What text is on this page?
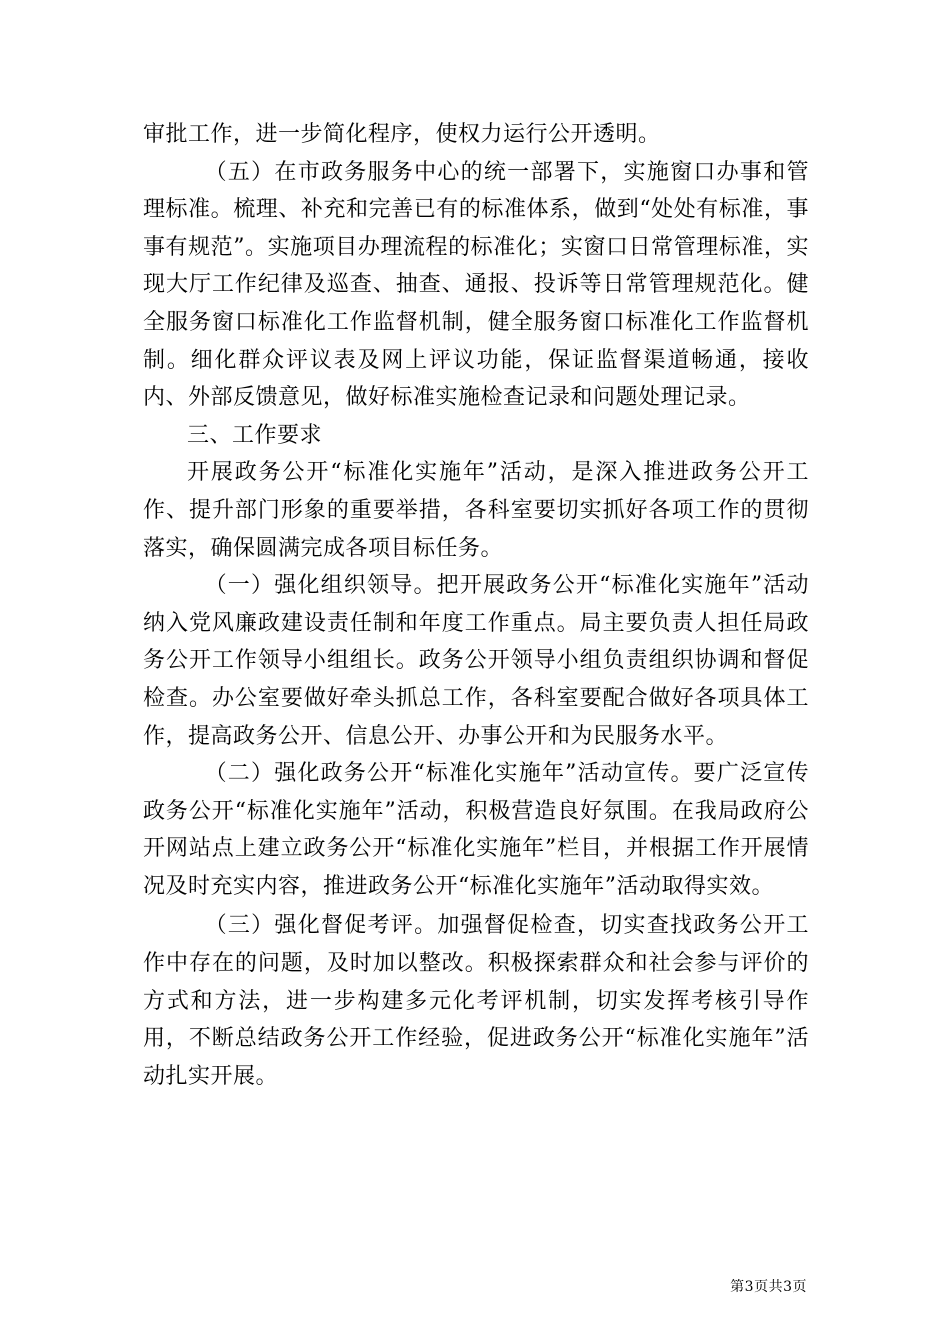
审批工作，进一步简化程序，使权力运行公开透明。

（五）在市政务服务中心的统一部署下，实施窗口办事和管理标准。梳理、补充和完善已有的标准体系，做到“处处有标准，事事有规范”。实施项目办理流程的标准化；实窗口日常管理标准，实现大厅工作纪律及巡查、抽查、通报、投诉等日常管理规范化。健全服务窗口标准化工作监督机制，健全服务窗口标准化工作监督机制。细化群众评议表及网上评议功能，保证监督渠道畅通，接收内、外部反馈意见，做好标准实施检查记录和问题处理记录。

三、工作要求

开展政务公开“标准化实施年”活动，是深入推进政务公开工作、提升部门形象的重要举措，各科室要切实抓好各项工作的贯彻落实，确保圆满完成各项目标任务。

（一）强化组织领导。把开展政务公开“标准化实施年”活动纳入党风廉政建设责任制和年度工作重点。局主要负责人担任局政务公开工作领导小组组长。政务公开领导小组负责组织协调和督促检查。办公室要做好牵头抓总工作，各科室要配合做好各项具体工作，提高政务公开、信息公开、办事公开和为民服务水平。

（二）强化政务公开“标准化实施年”活动宣传。要广泛宣传政务公开“标准化实施年”活动，积极营造良好氛围。在我局政府公开网站点上建立政务公开“标准化实施年”栏目，并根据工作开展情况及时充实内容，推进政务公开“标准化实施年”活动取得实效。

（三）强化督促考评。加强督促检查，切实查找政务公开工作中存在的问题，及时加以整改。积极探索群众和社会参与评价的方式和方法，进一步构建多元化考评机制，切实发挥考核引导作用，不断总结政务公开工作经验，促进政务公开“标准化实施年”活动扎实开展。

第3页共3页
